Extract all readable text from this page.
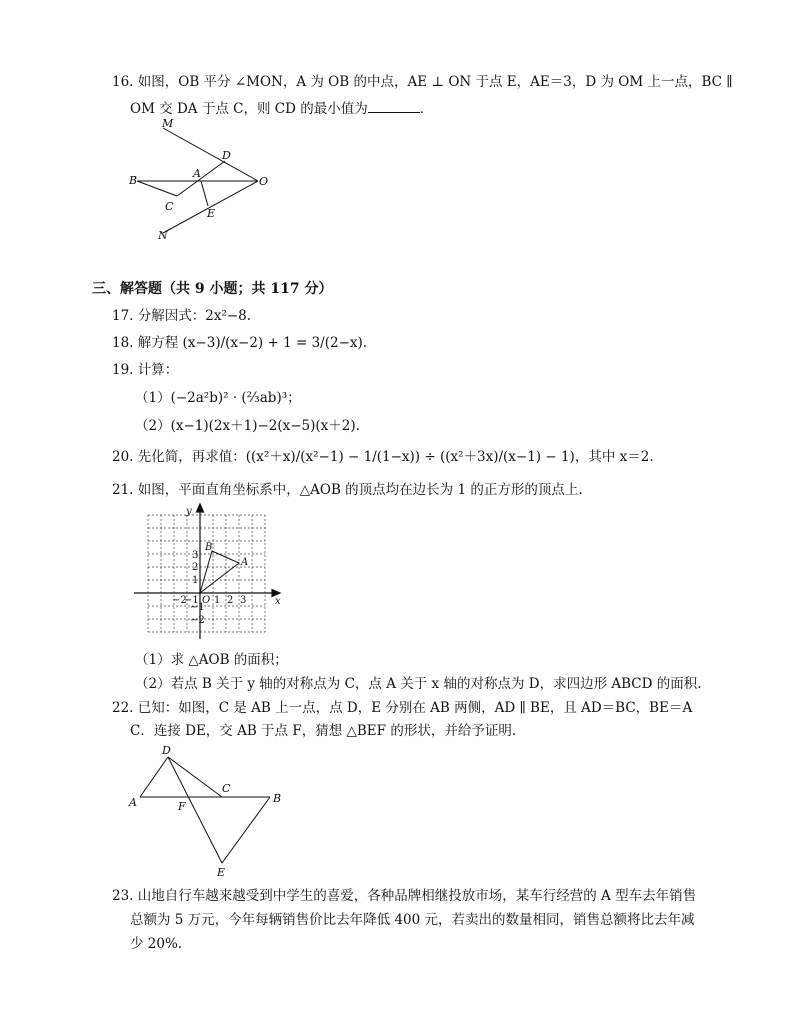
16. 如图，OB 平分 ∠MON，A 为 OB 的中点，AE ⊥ ON 于点 E，AE＝3，D 为 OM 上一点，BC ∥
OM 交 DA 于点 C，则 CD 的最小值为	．
M
D
B
A
O
C
E
N
三、解答题（共 9 小题；共 117 分）
17. 分解因式：2x²−8.
18. 解方程 (x−3)/(x−2) + 1 = 3/(2−x).
19. 计算：
（1）(−2a²b)² · (⅔ab)³；
（2）(x−1)(2x＋1)−2(x−5)(x＋2).
20. 先化简，再求值：((x²＋x)/(x²−1) − 1/(1−x)) ÷ ((x²＋3x)/(x−1) − 1)，其中 x＝2.
21. 如图，平面直角坐标系中，△AOB 的顶点均在边长为 1 的正方形的顶点上.
x
y
O
A
B
−2
−1 1 2 3
3
2
1
−1
−2
（1）求 △AOB 的面积；
（2）若点 B 关于 y 轴的对称点为 C，点 A 关于 x 轴的对称点为 D，求四边形 ABCD 的面积.
22. 已知：如图，C 是 AB 上一点，点 D，E 分别在 AB 两侧，AD ∥ BE，且 AD＝BC，BE＝A
C．连接 DE，交 AB 于点 F，猜想 △BEF 的形状，并给予证明.
D
A	F
C
B
E
23. 山地自行车越来越受到中学生的喜爱，各种品牌相继投放市场，某车行经营的 A 型车去年销售
总额为 5 万元，今年每辆销售价比去年降低 400 元，若卖出的数量相同，销售总额将比去年减
少 20%.
